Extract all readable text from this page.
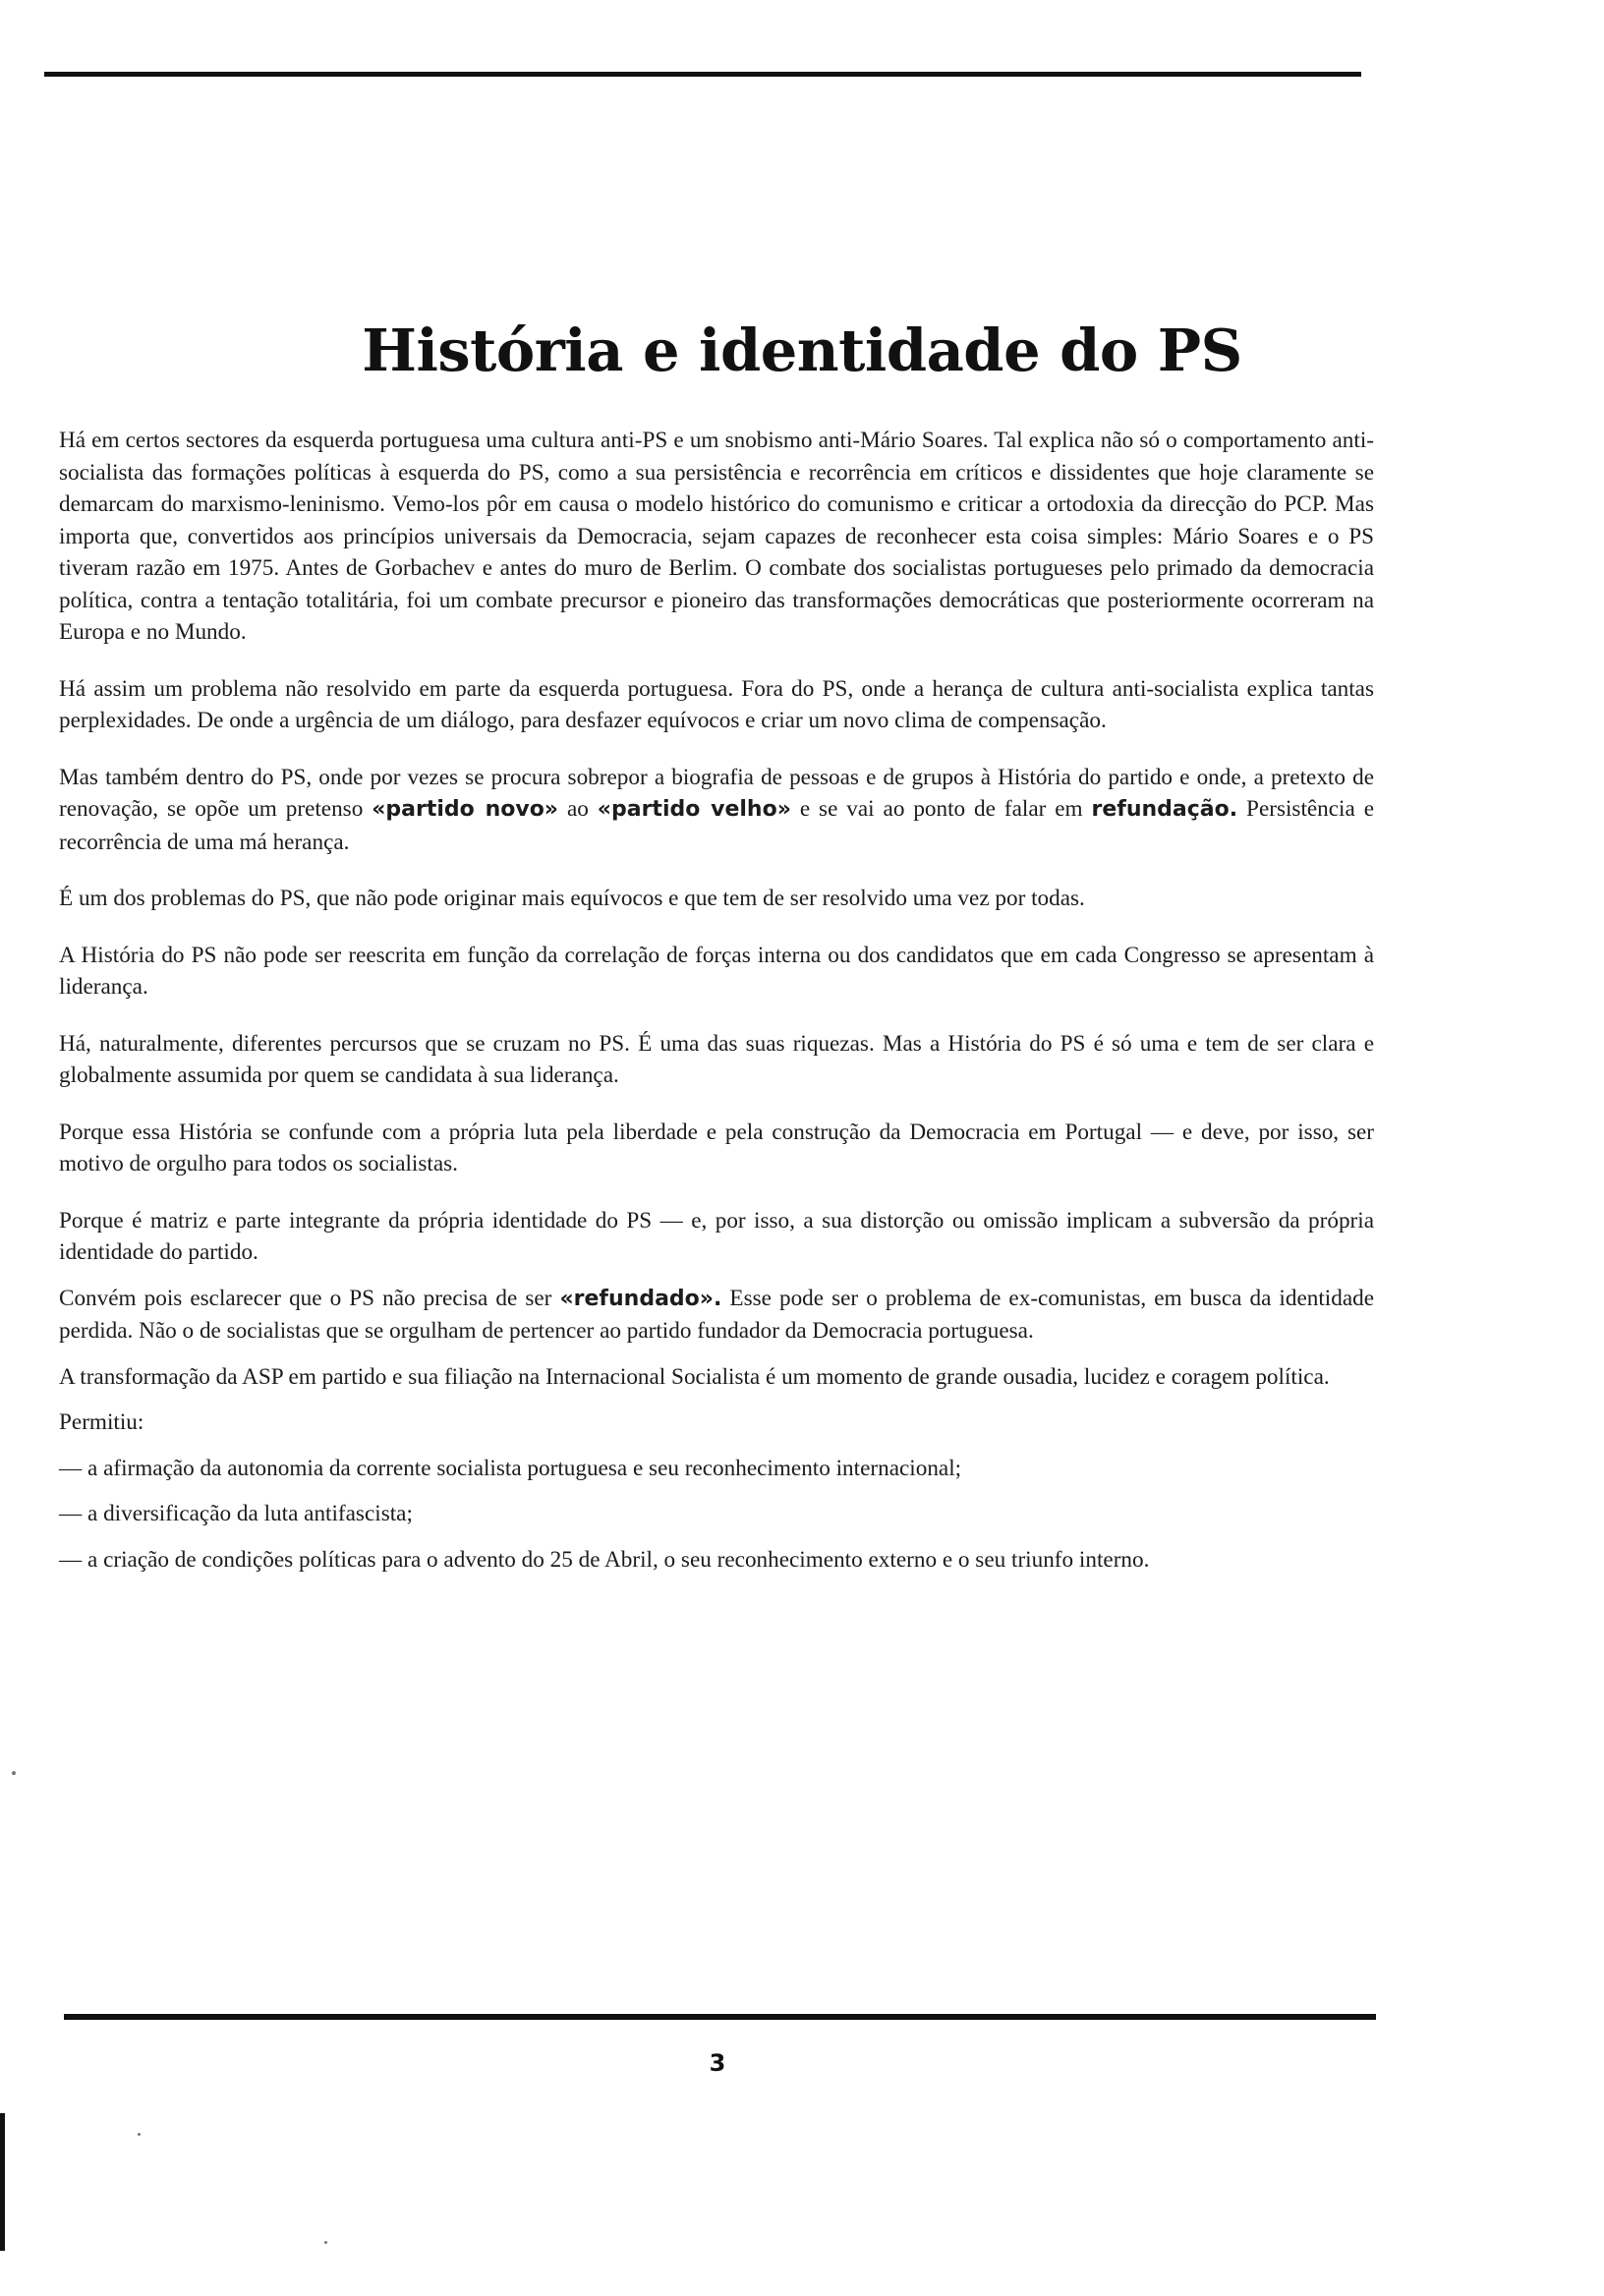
História e identidade do PS

Há em certos sectores da esquerda portuguesa uma cultura anti-PS e um snobismo anti-Mário Soares. Tal explica não só o comportamento anti-socialista das formações políticas à esquerda do PS, como a sua persistência e recorrência em críticos e dissidentes que hoje claramente se demarcam do marxismo-leninismo. Vemo-los pôr em causa o modelo histórico do comunismo e criticar a ortodoxia da direcção do PCP. Mas importa que, convertidos aos princípios universais da Democracia, sejam capazes de reconhecer esta coisa simples: Mário Soares e o PS tiveram razão em 1975. Antes de Gorbachev e antes do muro de Berlim. O combate dos socialistas portugueses pelo primado da democracia política, contra a tentação totalitária, foi um combate precursor e pioneiro das transformações democráticas que posteriormente ocorreram na Europa e no Mundo.

Há assim um problema não resolvido em parte da esquerda portuguesa. Fora do PS, onde a herança de cultura anti-socialista explica tantas perplexidades. De onde a urgência de um diálogo, para desfazer equívocos e criar um novo clima de compensação.

Mas também dentro do PS, onde por vezes se procura sobrepor a biografia de pessoas e de grupos à História do partido e onde, a pretexto de renovação, se opõe um pretenso «partido novo» ao «partido velho» e se vai ao ponto de falar em refundação. Persistência e recorrência de uma má herança.

É um dos problemas do PS, que não pode originar mais equívocos e que tem de ser resolvido uma vez por todas.

A História do PS não pode ser reescrita em função da correlação de forças interna ou dos candidatos que em cada Congresso se apresentam à liderança.

Há, naturalmente, diferentes percursos que se cruzam no PS. É uma das suas riquezas. Mas a História do PS é só uma e tem de ser clara e globalmente assumida por quem se candidata à sua liderança.

Porque essa História se confunde com a própria luta pela liberdade e pela construção da Democracia em Portugal — e deve, por isso, ser motivo de orgulho para todos os socialistas.

Porque é matriz e parte integrante da própria identidade do PS — e, por isso, a sua distorção ou omissão implicam a subversão da própria identidade do partido.

Convém pois esclarecer que o PS não precisa de ser «refundado». Esse pode ser o problema de ex-comunistas, em busca da identidade perdida. Não o de socialistas que se orgulham de pertencer ao partido fundador da Democracia portuguesa.

A transformação da ASP em partido e sua filiação na Internacional Socialista é um momento de grande ousadia, lucidez e coragem política.

Permitiu:

— a afirmação da autonomia da corrente socialista portuguesa e seu reconhecimento internacional;

— a diversificação da luta antifascista;

— a criação de condições políticas para o advento do 25 de Abril, o seu reconhecimento externo e o seu triunfo interno.

3
